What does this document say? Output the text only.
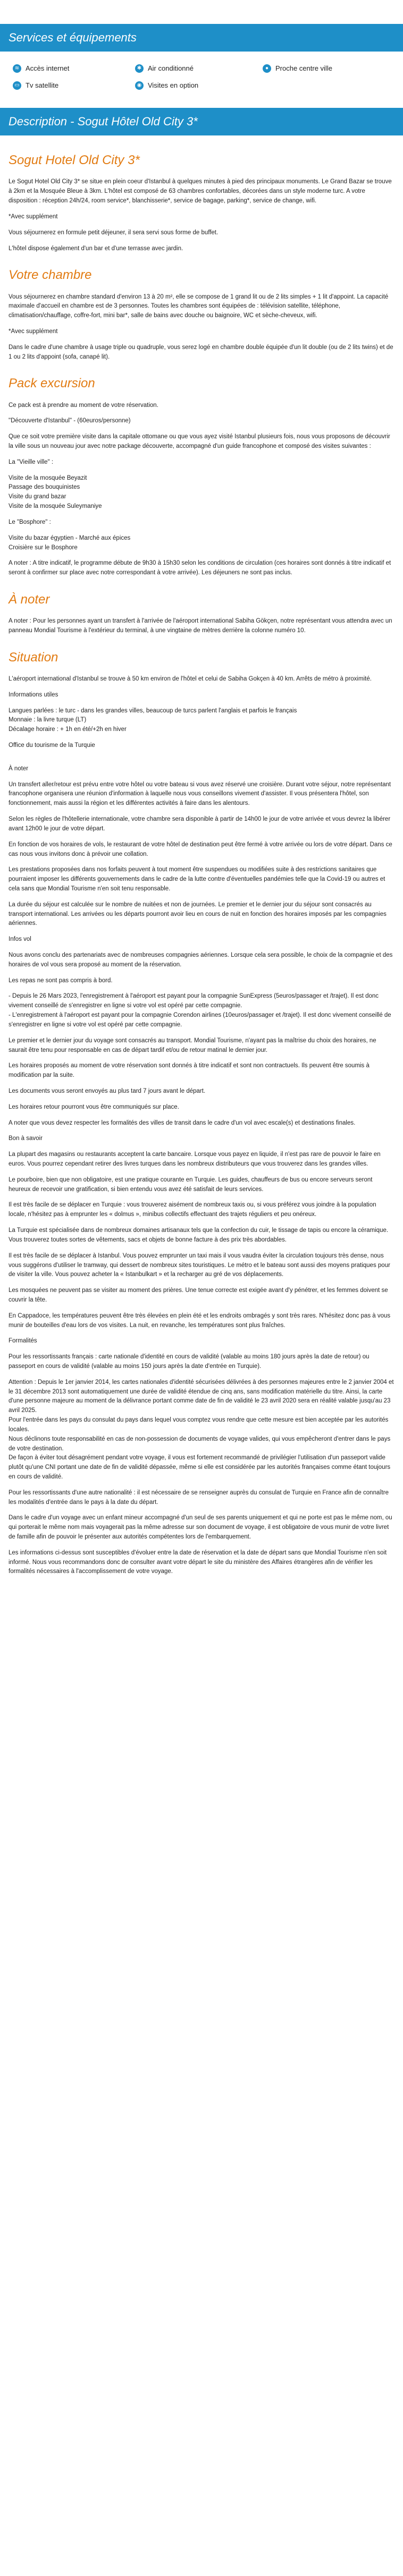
Services et équipements
≋ Accès internet	✱ Air conditionné	● Proche centre ville
▭ Tv satellite	◉ Visites en option
Description - Sogut Hôtel Old City 3*
Sogut Hotel Old City 3*

Le Sogut Hotel Old City 3* se situe en plein coeur d'Istanbul à quelques minutes à pied des principaux monuments. Le Grand Bazar se trouve à 2km et la Mosquée Bleue à 3km. L'hôtel est composé de 63 chambres confortables, décorées dans un style moderne turc. A votre disposition : réception 24h/24, room service*, blanchisserie*, service de bagage, parking*, service de change, wifi.

*Avec supplément

Vous séjournerez en formule petit déjeuner, il sera servi sous forme de buffet.

L'hôtel dispose également d'un bar et d'une terrasse avec jardin.

Votre chambre

Vous séjournerez en chambre standard d'environ 13 à 20 m², elle se compose de 1 grand lit ou de 2 lits simples + 1 lit d'appoint. La capacité maximale d'accueil en chambre est de 3 personnes. Toutes les chambres sont équipées de : télévision satellite, téléphone, climatisation/chauffage, coffre-fort, mini bar*, salle de bains avec douche ou baignoire, WC et sèche-cheveux, wifi.

*Avec supplément

Dans le cadre d'une chambre à usage triple ou quadruple, vous serez logé en chambre double équipée d'un lit double (ou de 2 lits twins) et de 1 ou 2 lits d'appoint (sofa, canapé lit).

Pack excursion

Ce pack est à prendre au moment de votre réservation.

"Découverte d'Istanbul" - (60euros/personne)

Que ce soit votre première visite dans la capitale ottomane ou que vous ayez visité Istanbul plusieurs fois, nous vous proposons de découvrir la ville sous un nouveau jour avec notre package découverte, accompagné d'un guide francophone et composé des visites suivantes :

La "Vieille ville" :

Visite de la mosquée Beyazit
Passage des bouquinistes
Visite du grand bazar
Visite de la mosquée Suleymaniye

Le "Bosphore" :

Visite du bazar égyptien - Marché aux épices
Croisière sur le Bosphore

A noter : A titre indicatif, le programme débute de 9h30 à 15h30 selon les conditions de circulation (ces horaires sont donnés à titre indicatif et seront à confirmer sur place avec notre correspondant à votre arrivée). Les déjeuners ne sont pas inclus.

À noter

A noter : Pour les personnes ayant un transfert à l'arrivée de l'aéroport international Sabiha Gökçen, notre représentant vous attendra avec un panneau Mondial Tourisme à l'extérieur du terminal, à une vingtaine de mètres derrière la colonne numéro 10.

Situation

L'aéroport international d'Istanbul se trouve à 50 km environ de l'hôtel et celui de Sabiha Gokçen à 40 km. Arrêts de métro à proximité.

Informations utiles

Langues parlées : le turc - dans les grandes villes, beaucoup de turcs parlent l'anglais et parfois le français
Monnaie : la livre turque (LT)
Décalage horaire : + 1h en été/+2h en hiver

Office du tourisme de la Turquie

À noter

Un transfert aller/retour est prévu entre votre hôtel ou votre bateau si vous avez réservé une croisière. Durant votre séjour, notre représentant francophone organisera une réunion d'information à laquelle nous vous conseillons vivement d'assister. Il vous présentera l'hôtel, son fonctionnement, mais aussi la région et les différentes activités à faire dans les alentours.

Selon les règles de l'hôtellerie internationale, votre chambre sera disponible à partir de 14h00 le jour de votre arrivée et vous devrez la libérer avant 12h00 le jour de votre départ.

En fonction de vos horaires de vols, le restaurant de votre hôtel de destination peut être fermé à votre arrivée ou lors de votre départ. Dans ce cas nous vous invitons donc à prévoir une collation.

Les prestations proposées dans nos forfaits peuvent à tout moment être suspendues ou modifiées suite à des restrictions sanitaires que pourraient imposer les différents gouvernements dans le cadre de la lutte contre d'éventuelles pandémies telle que la Covid-19 ou autres et cela sans que Mondial Tourisme n'en soit tenu responsable.

La durée du séjour est calculée sur le nombre de nuitées et non de journées. Le premier et le dernier jour du séjour sont consacrés au transport international. Les arrivées ou les départs pourront avoir lieu en cours de nuit en fonction des horaires imposés par les compagnies aériennes.

Infos vol

Nous avons conclu des partenariats avec de nombreuses compagnies aériennes. Lorsque cela sera possible, le choix de la compagnie et des horaires de vol vous sera proposé au moment de la réservation.

Les repas ne sont pas compris à bord.

- Depuis le 26 Mars 2023, l'enregistrement à l'aéroport est payant pour la compagnie SunExpress (5euros/passager et /trajet). Il est donc vivement conseillé de s'enregistrer en ligne si votre vol est opéré par cette compagnie.
- L'enregistrement à l'aéroport est payant pour la compagnie Corendon airlines (10euros/passager et /trajet). Il est donc vivement conseillé de s'enregistrer en ligne si votre vol est opéré par cette compagnie.

Le premier et le dernier jour du voyage sont consacrés au transport. Mondial Tourisme, n'ayant pas la maîtrise du choix des horaires, ne saurait être tenu pour responsable en cas de départ tardif et/ou de retour matinal le dernier jour.

Les horaires proposés au moment de votre réservation sont donnés à titre indicatif et sont non contractuels. Ils peuvent être soumis à modification par la suite.

Les documents vous seront envoyés au plus tard 7 jours avant le départ.

Les horaires retour pourront vous être communiqués sur place.

A noter que vous devez respecter les formalités des villes de transit dans le cadre d'un vol avec escale(s) et destinations finales.

Bon à savoir

La plupart des magasins ou restaurants acceptent la carte bancaire. Lorsque vous payez en liquide, il n'est pas rare de pouvoir le faire en euros. Vous pourrez cependant retirer des livres turques dans les nombreux distributeurs que vous trouverez dans les grandes villes.

Le pourboire, bien que non obligatoire, est une pratique courante en Turquie. Les guides, chauffeurs de bus ou encore serveurs seront heureux de recevoir une gratification, si bien entendu vous avez été satisfait de leurs services.

Il est très facile de se déplacer en Turquie : vous trouverez aisément de nombreux taxis ou, si vous préférez vous joindre à la population locale, n'hésitez pas à emprunter les « dolmus », minibus collectifs effectuant des trajets réguliers et peu onéreux.

La Turquie est spécialisée dans de nombreux domaines artisanaux tels que la confection du cuir, le tissage de tapis ou encore la céramique. Vous trouverez toutes sortes de vêtements, sacs et objets de bonne facture à des prix très abordables.

Il est très facile de se déplacer à Istanbul. Vous pouvez emprunter un taxi mais il vous vaudra éviter la circulation toujours très dense, nous vous suggérons d'utiliser le tramway, qui dessert de nombreux sites touristiques. Le métro et le bateau sont aussi des moyens pratiques pour de visiter la ville. Vous pouvez acheter la « Istanbulkart » et la recharger au gré de vos déplacements.

Les mosquées ne peuvent pas se visiter au moment des prières. Une tenue correcte est exigée avant d'y pénétrer, et les femmes doivent se couvrir la tête.

En Cappadoce, les températures peuvent être très élevées en plein été et les endroits ombragés y sont très rares. N'hésitez donc pas à vous munir de bouteilles d'eau lors de vos visites. La nuit, en revanche, les températures sont plus fraîches.

Formalités

Pour les ressortissants français : carte nationale d'identité en cours de validité (valable au moins 180 jours après la date de retour) ou passeport en cours de validité (valable au moins 150 jours après la date d'entrée en Turquie).

Attention : Depuis le 1er janvier 2014, les cartes nationales d'identité sécurisées délivrées à des personnes majeures entre le 2 janvier 2004 et le 31 décembre 2013 sont automatiquement une durée de validité étendue de cinq ans, sans modification matérielle du titre. Ainsi, la carte d'une personne majeure au moment de la délivrance portant comme date de fin de validité le 23 avril 2020 sera en réalité valable jusqu'au 23 avril 2025.
Pour l'entrée dans les pays du consulat du pays dans lequel vous comptez vous rendre que cette mesure est bien acceptée par les autorités locales.
Nous déclinons toute responsabilité en cas de non-possession de documents de voyage valides, qui vous empêcheront d'entrer dans le pays de votre destination.
De façon à éviter tout désagrément pendant votre voyage, il vous est fortement recommandé de privilégier l'utilisation d'un passeport valide plutôt qu'une CNI portant une date de fin de validité dépassée, même si elle est considérée par les autorités françaises comme étant toujours en cours de validité.

Pour les ressortissants d'une autre nationalité : il est nécessaire de se renseigner auprès du consulat de Turquie en France afin de connaître les modalités d'entrée dans le pays à la date du départ.

Dans le cadre d'un voyage avec un enfant mineur accompagné d'un seul de ses parents uniquement et qui ne porte est pas le même nom, ou qui porterait le même nom mais voyagerait pas la même adresse sur son document de voyage, il est obligatoire de vous munir de votre livret de famille afin de pouvoir le présenter aux autorités compétentes lors de l'embarquement.

Les informations ci-dessus sont susceptibles d'évoluer entre la date de réservation et la date de départ sans que Mondial Tourisme n'en soit informé. Nous vous recommandons donc de consulter avant votre départ le site du ministère des Affaires étrangères afin de vérifier les formalités nécessaires à l'accomplissement de votre voyage.
